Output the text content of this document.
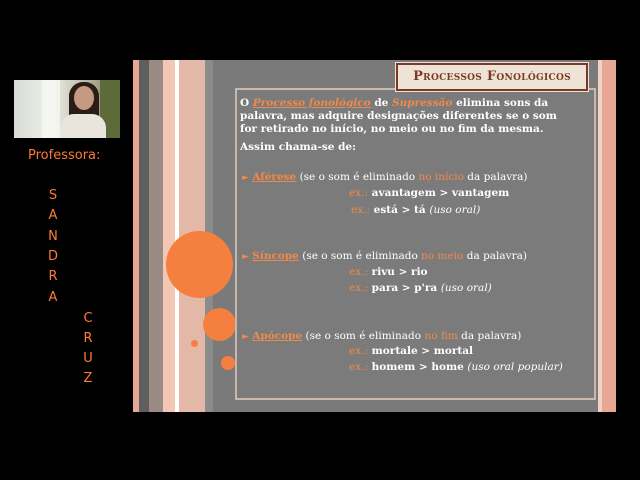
Professora:
S
A
N
D
R
A
C
R
U
Z
Processos Fonológicos
O Processo fonológico de Supressão elimina sons da
palavra, mas adquire designações diferentes se o som
for retirado no início, no meio ou no fim da mesma.
Assim chama-se de:
► Aférese (se o som é eliminado no início da palavra)
ex.: avantagem > vantagem
ex.: está > tá (uso oral)
► Síncope (se o som é eliminado no meio da palavra)
ex.: rivu > rio
ex.: para > p'ra (uso oral)
► Apócope (se o som é eliminado no fim da palavra)
ex.: mortale > mortal
ex.: homem > home (uso oral popular)
